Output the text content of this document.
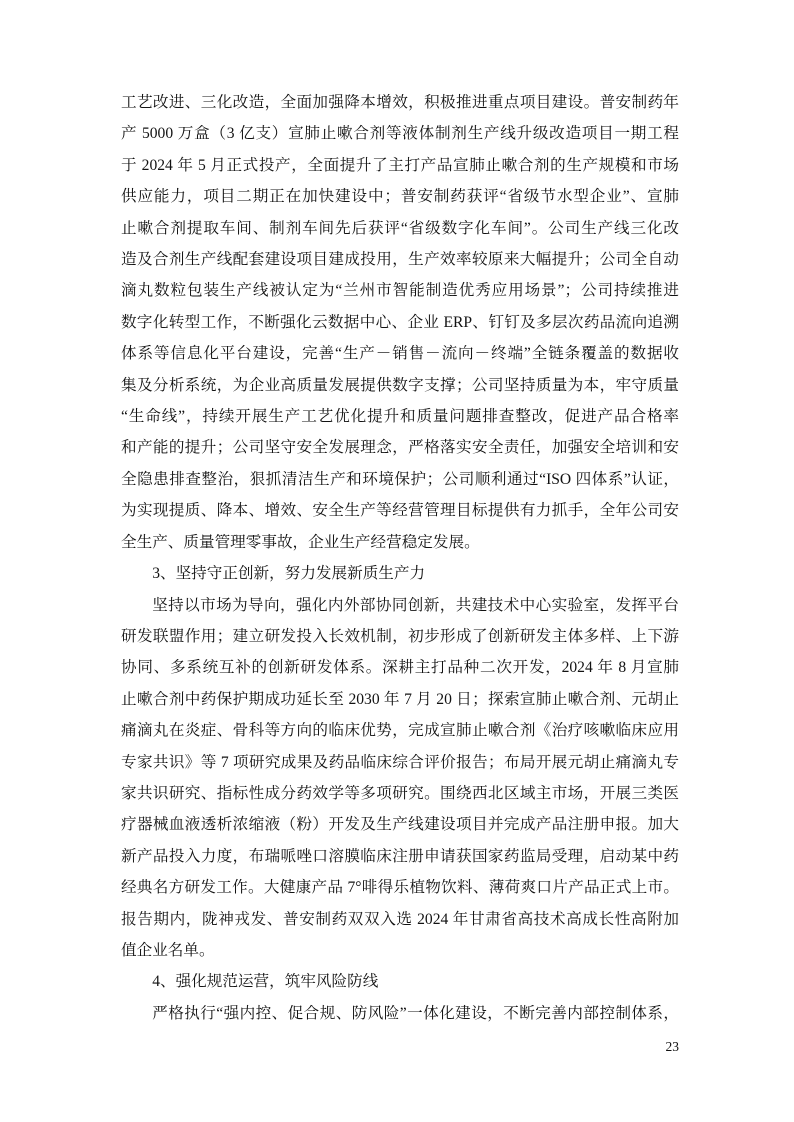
工艺改进、三化改造，全面加强降本增效，积极推进重点项目建设。普安制药年
产 5000 万盒（3 亿支）宣肺止嗽合剂等液体制剂生产线升级改造项目一期工程
于 2024 年 5 月正式投产，全面提升了主打产品宣肺止嗽合剂的生产规模和市场
供应能力，项目二期正在加快建设中；普安制药获评“省级节水型企业”、宣肺
止嗽合剂提取车间、制剂车间先后获评“省级数字化车间”。公司生产线三化改
造及合剂生产线配套建设项目建成投用，生产效率较原来大幅提升；公司全自动
滴丸数粒包装生产线被认定为“兰州市智能制造优秀应用场景”；公司持续推进
数字化转型工作，不断强化云数据中心、企业 ERP、钉钉及多层次药品流向追溯
体系等信息化平台建设，完善“生产－销售－流向－终端”全链条覆盖的数据收
集及分析系统，为企业高质量发展提供数字支撑；公司坚持质量为本，牢守质量
“生命线”，持续开展生产工艺优化提升和质量问题排查整改，促进产品合格率
和产能的提升；公司坚守安全发展理念，严格落实安全责任，加强安全培训和安
全隐患排查整治，狠抓清洁生产和环境保护；公司顺利通过“ISO 四体系”认证，
为实现提质、降本、增效、安全生产等经营管理目标提供有力抓手，全年公司安
全生产、质量管理零事故，企业生产经营稳定发展。
3、坚持守正创新，努力发展新质生产力
坚持以市场为导向，强化内外部协同创新，共建技术中心实验室，发挥平台
研发联盟作用；建立研发投入长效机制，初步形成了创新研发主体多样、上下游
协同、多系统互补的创新研发体系。深耕主打品种二次开发，2024 年 8 月宣肺
止嗽合剂中药保护期成功延长至 2030 年 7 月 20 日；探索宣肺止嗽合剂、元胡止
痛滴丸在炎症、骨科等方向的临床优势，完成宣肺止嗽合剂《治疗咳嗽临床应用
专家共识》等 7 项研究成果及药品临床综合评价报告；布局开展元胡止痛滴丸专
家共识研究、指标性成分药效学等多项研究。围绕西北区域主市场，开展三类医
疗器械血液透析浓缩液（粉）开发及生产线建设项目并完成产品注册申报。加大
新产品投入力度，布瑞哌唑口溶膜临床注册申请获国家药监局受理，启动某中药
经典名方研发工作。大健康产品 7°啡得乐植物饮料、薄荷爽口片产品正式上市。
报告期内，陇神戎发、普安制药双双入选 2024 年甘肃省高技术高成长性高附加
值企业名单。
4、强化规范运营，筑牢风险防线
严格执行“强内控、促合规、防风险”一体化建设，不断完善内部控制体系，
23
